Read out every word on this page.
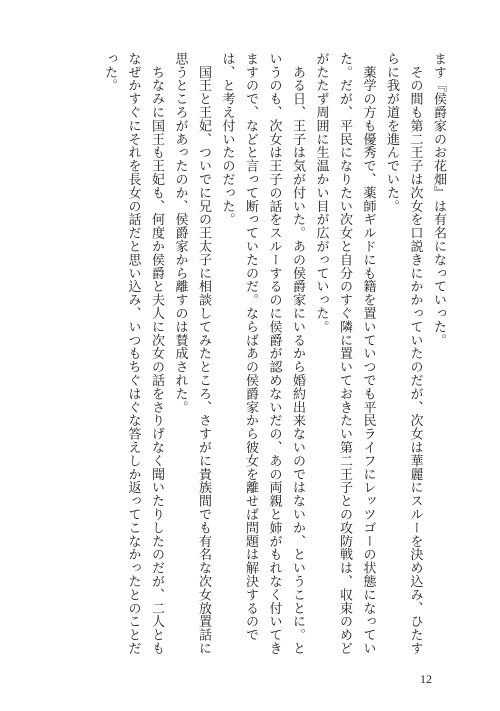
ます『侯爵家のお花畑』は有名になっていった。

　その間も第二王子は次女を口説きにかかっていたのだが、次女は華麗にスルーを決め込み、ひたすらに我が道を進んでいた。

　薬学の方も優秀で、薬師ギルドにも籍を置いていつでも平民ライフにレッツゴーの状態になっていた。だが、平民になりたい次女と自分のすぐ隣に置いておきたい第二王子との攻防戦は、収束のめどがたたず周囲に生温かい目が広がっていった。

　ある日、王子は気が付いた。あの侯爵家にいるから婚約出来ないのではないか、ということに。というのも、次女は王子の話をスルーするのに侯爵が認めないだの、あの両親と姉がもれなく付いてきますので、などと言って断っていたのだ。ならばあの侯爵家から彼女を離せば問題は解決するのでは、と考え付いたのだった。

　国王と王妃、ついでに兄の王太子に相談してみたところ、さすがに貴族間でも有名な次女放置話に思うところがあったのか、侯爵家から離すのは賛成された。

　ちなみに国王も王妃も、何度か侯爵と夫人に次女の話をさりげなく聞いたりしたのだが、二人ともなぜかすぐにそれを長女の話だと思い込み、いつもちぐはぐな答えしか返ってこなかったとのことだった。

12
